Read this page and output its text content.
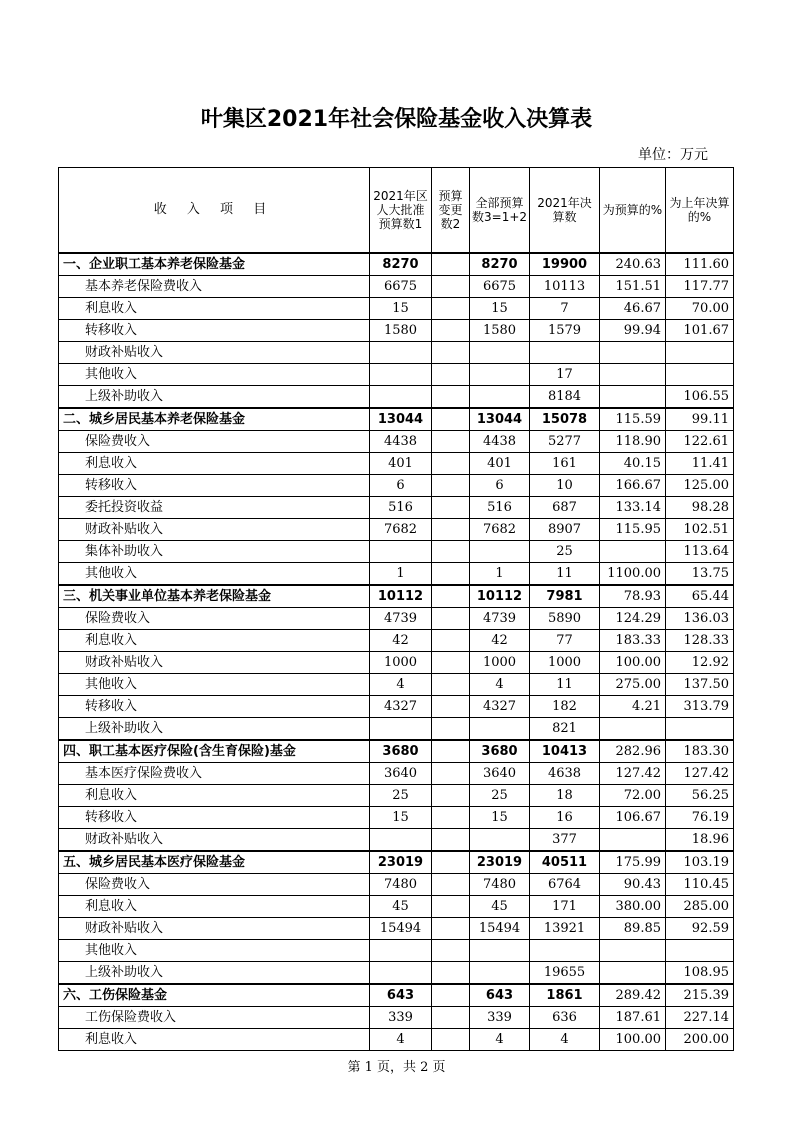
叶集区2021年社会保险基金收入决算表
单位：万元
收 入 项 目	2021年区人大批准预算数1	预算变更数2	全部预算数3=1+2	2021年决算数	为预算的%	为上年决算的%
一、企业职工基本养老保险基金	8270		8270	19900	240.63	111.60
基本养老保险费收入	6675		6675	10113	151.51	117.77
利息收入	15		15	7	46.67	70.00
转移收入	1580		1580	1579	99.94	101.67
财政补贴收入						
其他收入				17		
上级补助收入				8184		106.55
二、城乡居民基本养老保险基金	13044		13044	15078	115.59	99.11
保险费收入	4438		4438	5277	118.90	122.61
利息收入	401		401	161	40.15	11.41
转移收入	6		6	10	166.67	125.00
委托投资收益	516		516	687	133.14	98.28
财政补贴收入	7682		7682	8907	115.95	102.51
集体补助收入				25		113.64
其他收入	1		1	11	1100.00	13.75
三、机关事业单位基本养老保险基金	10112		10112	7981	78.93	65.44
保险费收入	4739		4739	5890	124.29	136.03
利息收入	42		42	77	183.33	128.33
财政补贴收入	1000		1000	1000	100.00	12.92
其他收入	4		4	11	275.00	137.50
转移收入	4327		4327	182	4.21	313.79
上级补助收入				821		
四、职工基本医疗保险(含生育保险)基金	3680		3680	10413	282.96	183.30
基本医疗保险费收入	3640		3640	4638	127.42	127.42
利息收入	25		25	18	72.00	56.25
转移收入	15		15	16	106.67	76.19
财政补贴收入				377		18.96
五、城乡居民基本医疗保险基金	23019		23019	40511	175.99	103.19
保险费收入	7480		7480	6764	90.43	110.45
利息收入	45		45	171	380.00	285.00
财政补贴收入	15494		15494	13921	89.85	92.59
其他收入						
上级补助收入				19655		108.95
六、工伤保险基金	643		643	1861	289.42	215.39
工伤保险费收入	339		339	636	187.61	227.14
利息收入	4		4	4	100.00	200.00
第 1 页，共 2 页
